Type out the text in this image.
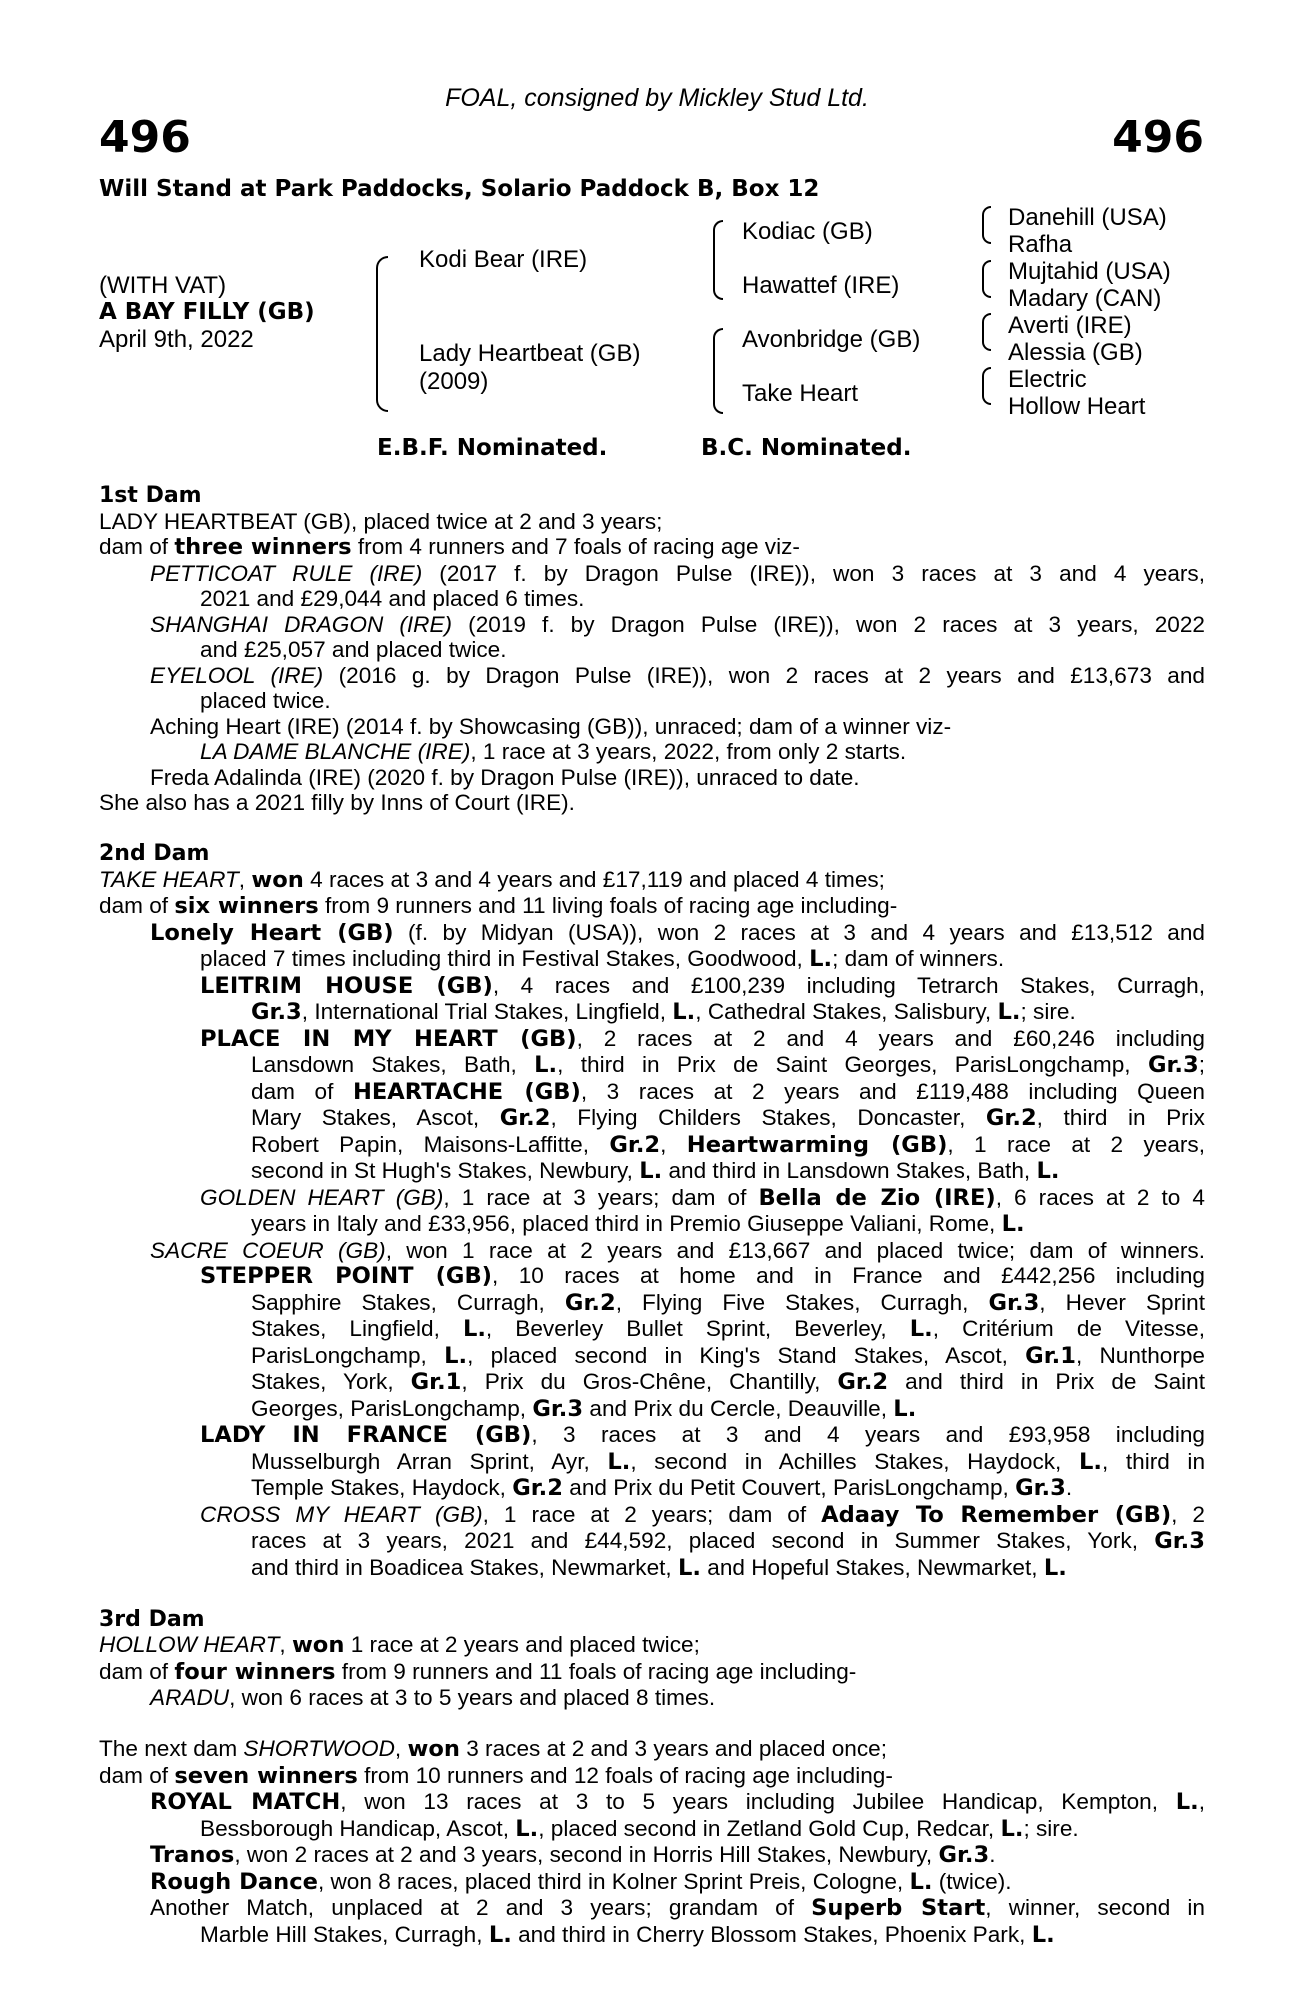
FOAL, consigned by Mickley Stud Ltd.
496	496
Will Stand at Park Paddocks, Solario Paddock B, Box 12
(WITH VAT)
A BAY FILLY (GB)
April 9th, 2022
Kodi Bear (IRE)
Lady Heartbeat (GB)
(2009)
Kodiac (GB)
Hawattef (IRE)
Avonbridge (GB)
Take Heart
Danehill (USA)
Rafha
Mujtahid (USA)
Madary (CAN)
Averti (IRE)
Alessia (GB)
Electric
Hollow Heart
E.B.F. Nominated.	B.C. Nominated.
1st Dam
LADY HEARTBEAT (GB), placed twice at 2 and 3 years;
dam of three winners from 4 runners and 7 foals of racing age viz-
PETTICOAT RULE (IRE) (2017 f. by Dragon Pulse (IRE)), won 3 races at 3 and 4 years,
2021 and £29,044 and placed 6 times.
SHANGHAI DRAGON (IRE) (2019 f. by Dragon Pulse (IRE)), won 2 races at 3 years, 2022
and £25,057 and placed twice.
EYELOOL (IRE) (2016 g. by Dragon Pulse (IRE)), won 2 races at 2 years and £13,673 and
placed twice.
Aching Heart (IRE) (2014 f. by Showcasing (GB)), unraced; dam of a winner viz-
LA DAME BLANCHE (IRE), 1 race at 3 years, 2022, from only 2 starts.
Freda Adalinda (IRE) (2020 f. by Dragon Pulse (IRE)), unraced to date.
She also has a 2021 filly by Inns of Court (IRE).
2nd Dam
TAKE HEART, won 4 races at 3 and 4 years and £17,119 and placed 4 times;
dam of six winners from 9 runners and 11 living foals of racing age including-
Lonely Heart (GB) (f. by Midyan (USA)), won 2 races at 3 and 4 years and £13,512 and
placed 7 times including third in Festival Stakes, Goodwood, L.; dam of winners.
LEITRIM HOUSE (GB), 4 races and £100,239 including Tetrarch Stakes, Curragh,
Gr.3, International Trial Stakes, Lingfield, L., Cathedral Stakes, Salisbury, L.; sire.
PLACE IN MY HEART (GB), 2 races at 2 and 4 years and £60,246 including
Lansdown Stakes, Bath, L., third in Prix de Saint Georges, ParisLongchamp, Gr.3;
dam of HEARTACHE (GB), 3 races at 2 years and £119,488 including Queen
Mary Stakes, Ascot, Gr.2, Flying Childers Stakes, Doncaster, Gr.2, third in Prix
Robert Papin, Maisons-Laffitte, Gr.2, Heartwarming (GB), 1 race at 2 years,
second in St Hugh's Stakes, Newbury, L. and third in Lansdown Stakes, Bath, L.
GOLDEN HEART (GB), 1 race at 3 years; dam of Bella de Zio (IRE), 6 races at 2 to 4
years in Italy and £33,956, placed third in Premio Giuseppe Valiani, Rome, L.
SACRE COEUR (GB), won 1 race at 2 years and £13,667 and placed twice; dam of winners.
STEPPER POINT (GB), 10 races at home and in France and £442,256 including
Sapphire Stakes, Curragh, Gr.2, Flying Five Stakes, Curragh, Gr.3, Hever Sprint
Stakes, Lingfield, L., Beverley Bullet Sprint, Beverley, L., Critérium de Vitesse,
ParisLongchamp, L., placed second in King's Stand Stakes, Ascot, Gr.1, Nunthorpe
Stakes, York, Gr.1, Prix du Gros-Chêne, Chantilly, Gr.2 and third in Prix de Saint
Georges, ParisLongchamp, Gr.3 and Prix du Cercle, Deauville, L.
LADY IN FRANCE (GB), 3 races at 3 and 4 years and £93,958 including
Musselburgh Arran Sprint, Ayr, L., second in Achilles Stakes, Haydock, L., third in
Temple Stakes, Haydock, Gr.2 and Prix du Petit Couvert, ParisLongchamp, Gr.3.
CROSS MY HEART (GB), 1 race at 2 years; dam of Adaay To Remember (GB), 2
races at 3 years, 2021 and £44,592, placed second in Summer Stakes, York, Gr.3
and third in Boadicea Stakes, Newmarket, L. and Hopeful Stakes, Newmarket, L.
3rd Dam
HOLLOW HEART, won 1 race at 2 years and placed twice;
dam of four winners from 9 runners and 11 foals of racing age including-
ARADU, won 6 races at 3 to 5 years and placed 8 times.
The next dam SHORTWOOD, won 3 races at 2 and 3 years and placed once;
dam of seven winners from 10 runners and 12 foals of racing age including-
ROYAL MATCH, won 13 races at 3 to 5 years including Jubilee Handicap, Kempton, L.,
Bessborough Handicap, Ascot, L., placed second in Zetland Gold Cup, Redcar, L.; sire.
Tranos, won 2 races at 2 and 3 years, second in Horris Hill Stakes, Newbury, Gr.3.
Rough Dance, won 8 races, placed third in Kolner Sprint Preis, Cologne, L. (twice).
Another Match, unplaced at 2 and 3 years; grandam of Superb Start, winner, second in
Marble Hill Stakes, Curragh, L. and third in Cherry Blossom Stakes, Phoenix Park, L.
